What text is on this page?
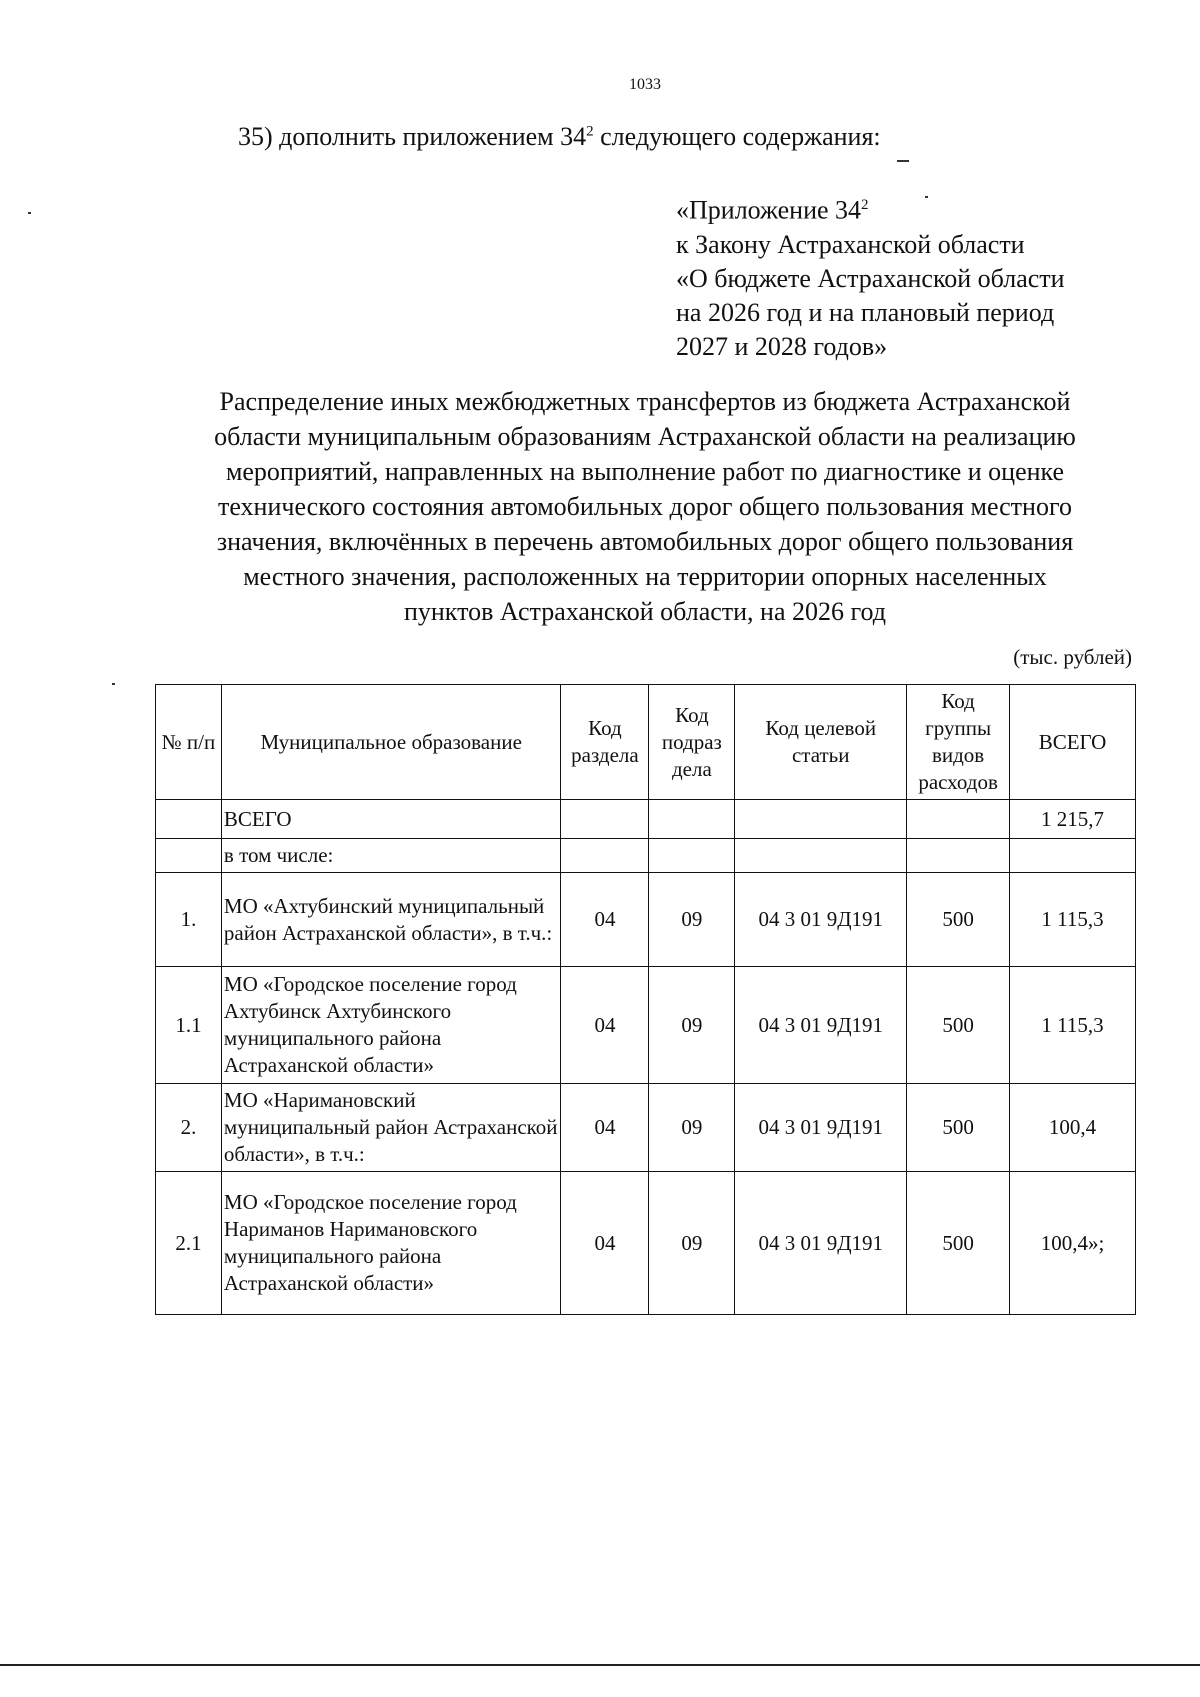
1033
35) дополнить приложением $34^2$ следующего содержания:
«Приложение $34^2$
к Закону Астраханской области
«О бюджете Астраханской области
на 2026 год и на плановый период
2027 и 2028 годов»
Распределение иных межбюджетных трансфертов из бюджета Астраханской
области муниципальным образованиям Астраханской области на реализацию
мероприятий, направленных на выполнение работ по диагностике и оценке
технического состояния автомобильных дорог общего пользования местного
значения, включённых в перечень автомобильных дорог общего пользования
местного значения, расположенных на территории опорных населенных
пунктов Астраханской области, на 2026 год
(тыс. рублей)
№ п/п	Муниципальное образование	Код раздела	Код подраз дела	Код целевой статьи	Код группы видов расходов	ВСЕГО
	ВСЕГО					1 215,7
	в том числе:					
1.	МО «Ахтубинский муниципальный район Астраханской области», в т.ч.:	04	09	04 3 01 9Д191	500	1 115,3
1.1	МО «Городское поселение город Ахтубинск Ахтубинского муниципального района Астраханской области»	04	09	04 3 01 9Д191	500	1 115,3
2.	МО «Наримановский муниципальный район Астраханской области», в т.ч.:	04	09	04 3 01 9Д191	500	100,4
2.1	МО «Городское поселение город Нариманов Наримановского муниципального района Астраханской области»	04	09	04 3 01 9Д191	500	100,4»;
